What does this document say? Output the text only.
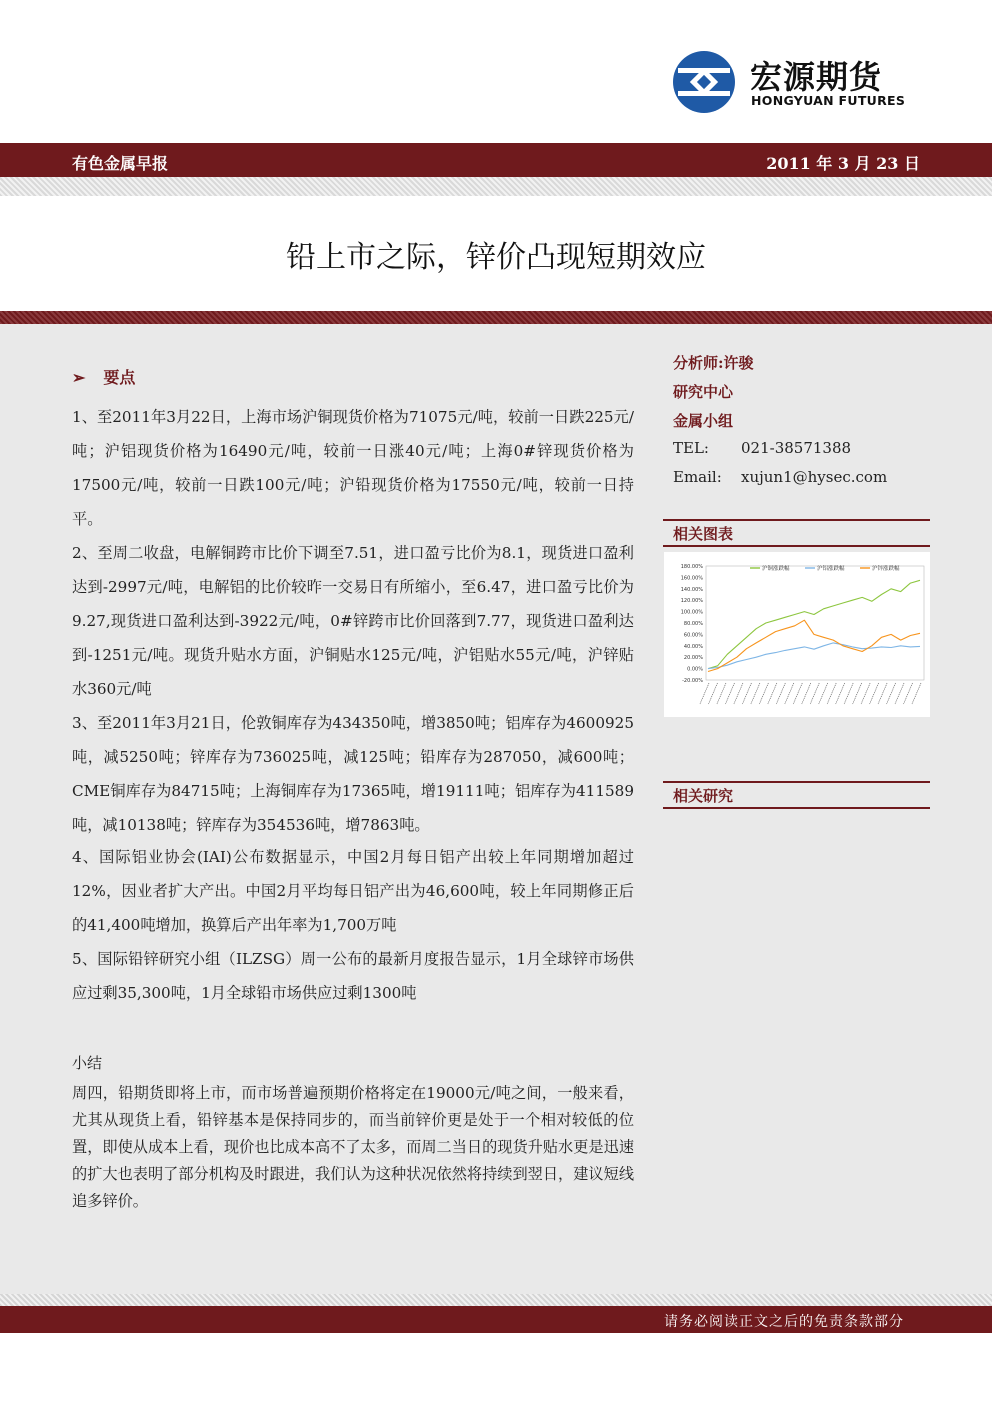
宏源期货
HONGYUAN FUTURES
有色金属早报	2011 年 3 月 23 日
铅上市之际，锌价凸现短期效应
➢ 要点
1、至2011年3月22日，上海市场沪铜现货价格为71075元/吨，较前一日跌225元/吨；沪铝现货价格为16490元/吨，较前一日涨40元/吨；上海0#锌现货价格为17500元/吨，较前一日跌100元/吨；沪铅现货价格为17550元/吨，较前一日持平。
2、至周二收盘，电解铜跨市比价下调至7.51，进口盈亏比价为8.1，现货进口盈利达到-2997元/吨，电解铝的比价较昨一交易日有所缩小，至6.47，进口盈亏比价为9.27,现货进口盈利达到-3922元/吨，0#锌跨市比价回落到7.77，现货进口盈利达到-1251元/吨。现货升贴水方面，沪铜贴水125元/吨，沪铝贴水55元/吨，沪锌贴水360元/吨
3、至2011年3月21日，伦敦铜库存为434350吨，增3850吨；铝库存为4600925吨，减5250吨；锌库存为736025吨，减125吨；铅库存为287050，减600吨；CME铜库存为84715吨；上海铜库存为17365吨，增19111吨；铝库存为411589吨，减10138吨；锌库存为354536吨，增7863吨。
4、国际铝业协会(IAI)公布数据显示，中国2月每日铝产出较上年同期增加超过12%，因业者扩大产出。中国2月平均每日铝产出为46,600吨，较上年同期修正后的41,400吨增加，换算后产出年率为1,700万吨
5、国际铅锌研究小组（ILZSG）周一公布的最新月度报告显示，1月全球锌市场供应过剩35,300吨，1月全球铅市场供应过剩1300吨
小结
周四，铅期货即将上市，而市场普遍预期价格将定在19000元/吨之间，一般来看，尤其从现货上看，铅锌基本是保持同步的，而当前锌价更是处于一个相对较低的位置，即使从成本上看，现价也比成本高不了太多，而周二当日的现货升贴水更是迅速的扩大也表明了部分机构及时跟进，我们认为这种状况依然将持续到翌日，建议短线追多锌价。
分析师:许骏
研究中心
金属小组
TEL: 021-38571388
Email: xujun1@hysec.com
相关图表
180.00%
160.00%
140.00%
120.00%
100.00%
80.00%
60.00%
40.00%
20.00%
0.00%
-20.00%
沪铜涨跌幅	沪铝涨跌幅	沪锌涨跌幅
相关研究
请务必阅读正文之后的免责条款部分
